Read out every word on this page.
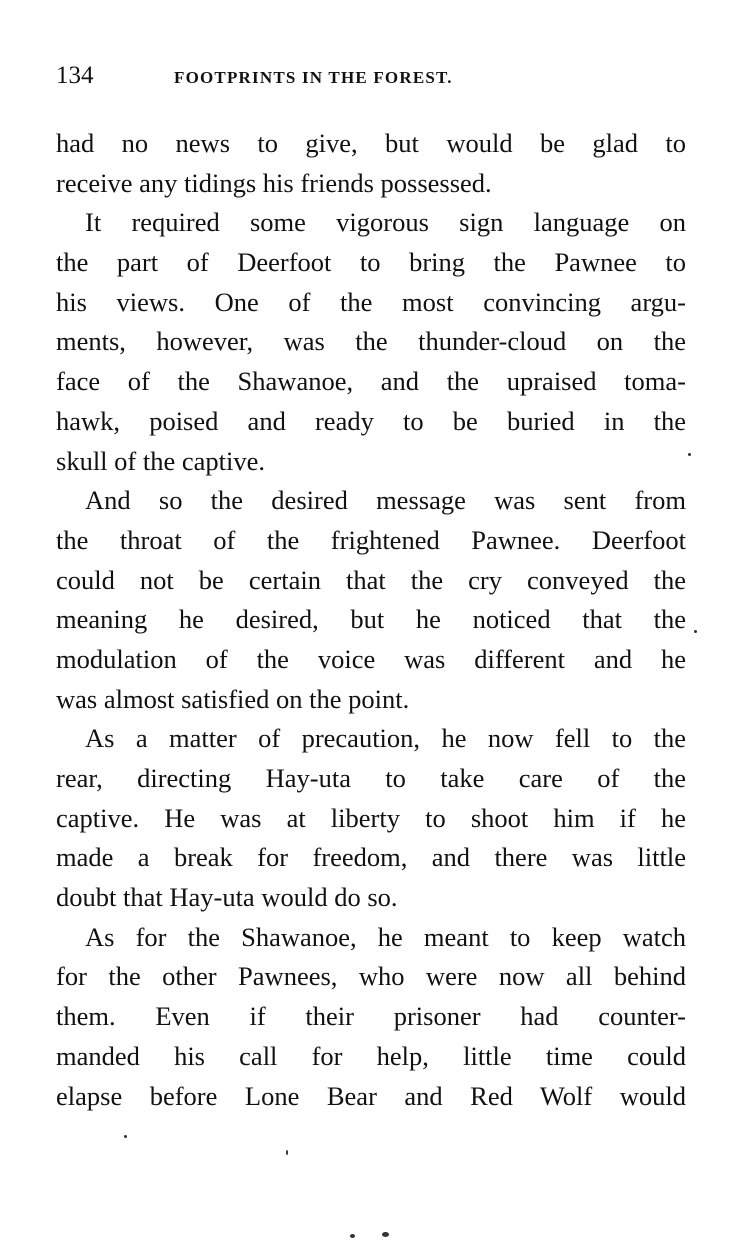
134	FOOTPRINTS IN THE FOREST.
had no news to give, but would be glad to
receive any tidings his friends possessed.
It required some vigorous sign language on
the part of Deerfoot to bring the Pawnee to
his views. One of the most convincing argu-
ments, however, was the thunder-cloud on the
face of the Shawanoe, and the upraised toma-
hawk, poised and ready to be buried in the
skull of the captive.
And so the desired message was sent from
the throat of the frightened Pawnee. Deerfoot
could not be certain that the cry conveyed the
meaning he desired, but he noticed that the
modulation of the voice was different and he
was almost satisfied on the point.
As a matter of precaution, he now fell to the
rear, directing Hay-uta to take care of the
captive. He was at liberty to shoot him if he
made a break for freedom, and there was little
doubt that Hay-uta would do so.
As for the Shawanoe, he meant to keep watch
for the other Pawnees, who were now all behind
them. Even if their prisoner had counter-
manded his call for help, little time could
elapse before Lone Bear and Red Wolf would
